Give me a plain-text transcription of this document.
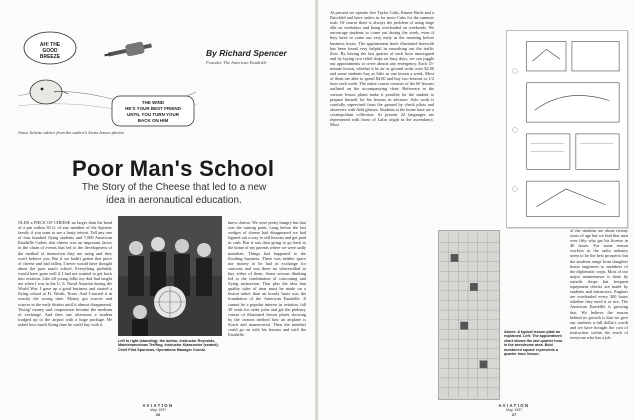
AH! THE
GOOD
BREEZE
THE WIND
HE'S YOUR BEST FRIEND
UNTIL YOU TURN YOUR
BACK ON HIM
Amos Juliette advice from the author's Swiss lesson photos
By Richard Spencer
Founder, The American Eaudrille
Poor Man's School
The Story of the Cheese that led to a new idea in aeronautical education.

OLDS a PIECE OF CHEESE no larger than the head of a pin within 30 ft. of any member of the Spencer family if you want to see a hasty retreat. Tell any one of four hundred flying students and 7,000 American Eaudrille Cadets that cheese was an important factor in the chain of events that led to the development of the method of instruction they are using and they won't believe you. But if we hadn't gotten that piece of cheese and had fallen, I never would have thought about the poor man's school. Everything probably would have gone well if I had not wanted to get back into aviation. Like all young folks my dad had taught me when I was in the U. S. Naval Aviation during the World War. I gave up a good business and started a flying school at Ft. Worth, Texas. And I started it in exactly the wrong time. Money got scarcer and scarcer in the early thirties until it almost disappeared. 'Swing' money and cooperation became the medium of exchange. And then one afternoon a student trudged up to the airport with a huge package. He asked how much flying time he could buy with it.

Left to right (standing): the author, Instructor Reynolds, Maintenanceman Treffing, Instructor Klaasmeier (seated): Chief Pilot Spurrows, Operations Manager Curnal.

knew cheese. We were pretty hungry but that was the turning point. Long before the last wedges of cheese had disappeared we had figured out a way to sell lessons and get paid in cash. But it was then going to go back to the home of my parents where we were sadly mistaken. Things had happened to the flooding business. There was neither space nor money to be had in exchange for cartoons and was there no wherewithal to buy either of them. Some serious thinking led to the combination of cartooning and flying instruction. That plus the idea that quality sales of time must be made on a lesson rather than an hourly basis was the foundation of the American Eaudrille. It cannot be a popular interest in aviation, fall 30 cents for cadet joins and get the plebiary course of illustrated lesson plates showing by the cartoon method how an airplane is flown and maneuvered. Then the member could go on with his lessons and with the Eaudrille.

AVIATION
May, 1937
26

At present we operate five Taylor Cubs, Kinner Birds and a Fairchild and have orders in for more Cubs for the summer rush. Of course there is always the problem of using large idle on weekdays and being overloaded on weekends. We encourage students to come out during the week, even if they have to come out very early in the morning before business hours. The appointment sheet illustrated herewith has been found very helpful in smoothing out the traffic flow. By having the last quarter of each hour unassigned and by laying two relief ships on busy days, we can juggle our appointments to cover almost any emergency. Each 15-minute lesson, whether it be air or ground work costs $2.00 and some students buy as little as one lesson a week. Most of them are able to spend $4.00 and buy two lessons or 1/2 hour each week. The entire course consists of the 60 lessons outlined on the accompanying chart. Reference to the various lesson plates make it possible for the student to prepare himself for his lessons in advance. Solo work is carefully supervised from the ground by check pilots and observers with field glasses. Students at the home base are a cosmopolitan collection. At present 22 languages are represented with those of Latin origin in the ascendancy. Most

Above: A typical lesson plate as explained. Left: The appointment chart shows the last quarter hour in the aerodrome area. Bold numbered square represents a quarter hour lesson.

of the students are about twenty years of age but we find that men over fifty who get his license in 40 hours. For some reason workers in the radio industry seem to be the best prospects but the students range from slaughter house engineers to members of the diplomatic corps. Most of our major maintenance is done by outside shops but frequent equipment checks are made by students and instructors. Engines are overhauled every 300 hours whether they need it or not. The American Eaudrille is growing fast. We believe the reason behind its growth is that we give our students a full dollar's worth and we have brought the cost of instruction within the reach of everyone who has a job.

AVIATION
May, 1937
27
